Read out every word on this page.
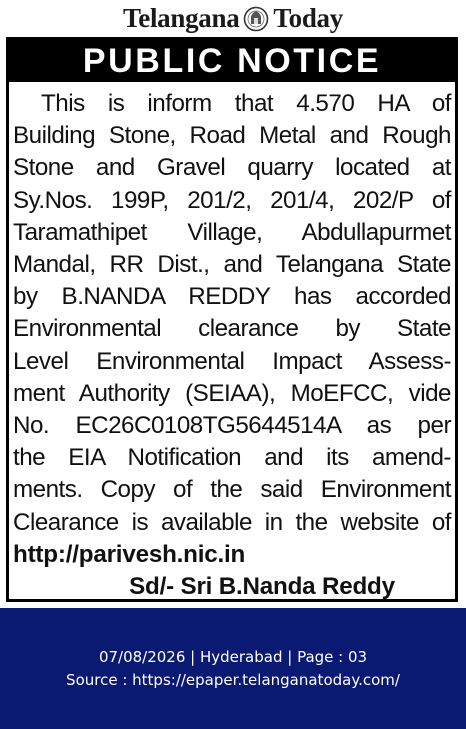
Telangana Today
PUBLIC NOTICE
This is inform that 4.570 HA of
Building Stone, Road Metal and Rough
Stone and Gravel quarry located at
Sy.Nos. 199P, 201/2, 201/4, 202/P of
Taramathipet Village, Abdullapurmet
Mandal, RR Dist., and Telangana State
by B.NANDA REDDY has accorded
Environmental clearance by State
Level Environmental Impact Assess-
ment Authority (SEIAA), MoEFCC, vide
No. EC26C0108TG5644514A as per
the EIA Notification and its amend-
ments. Copy of the said Environment
Clearance is available in the website of
http://parivesh.nic.in
Sd/- Sri B.Nanda Reddy
07/08/2026 | Hyderabad | Page : 03
Source : https://epaper.telanganatoday.com/
